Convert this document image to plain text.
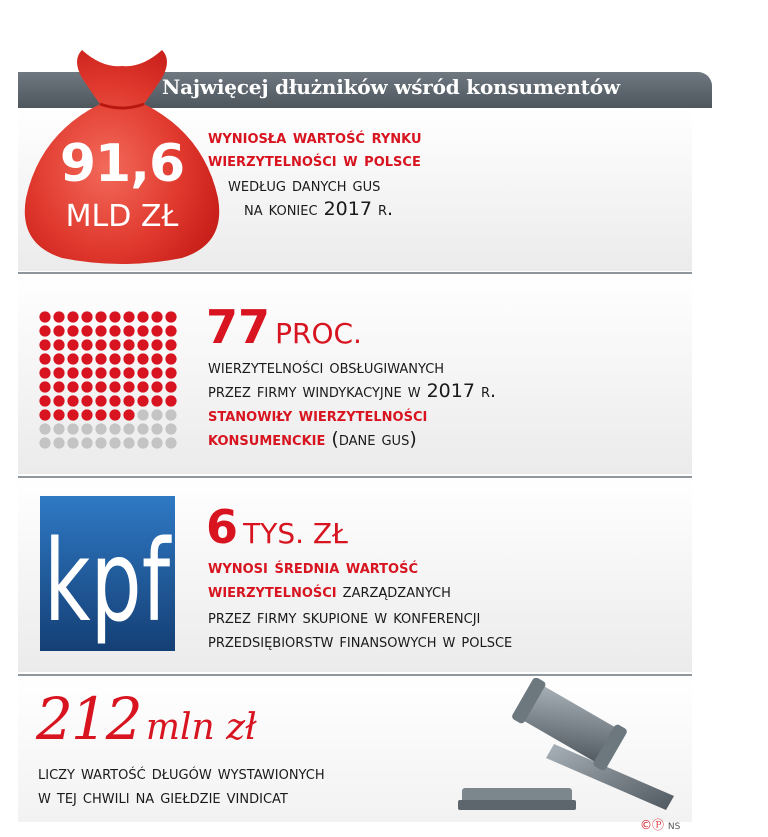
Najwięcej dłużników wśród konsumentów
91,6
MLD ZŁ
wyniosła wartość rynku
wierzytelności w polsce
według danych gus
na koniec 2017 r.
77 PROC.
wierzytelności obsługiwanych
przez firmy windykacyjne w 2017 r.
stanowiły wierzytelności
konsumenckie (dane gus)
kpf 6 TYS. ZŁ
wynosi średnia wartość
wierzytelności zarządzanych
przez firmy skupione w konferencji
przedsiębiorstw finansowych w polsce
212 mln zł
liczy wartość długów wystawionych
w tej chwili na giełdzie vindicat
©Ⓟ NS
